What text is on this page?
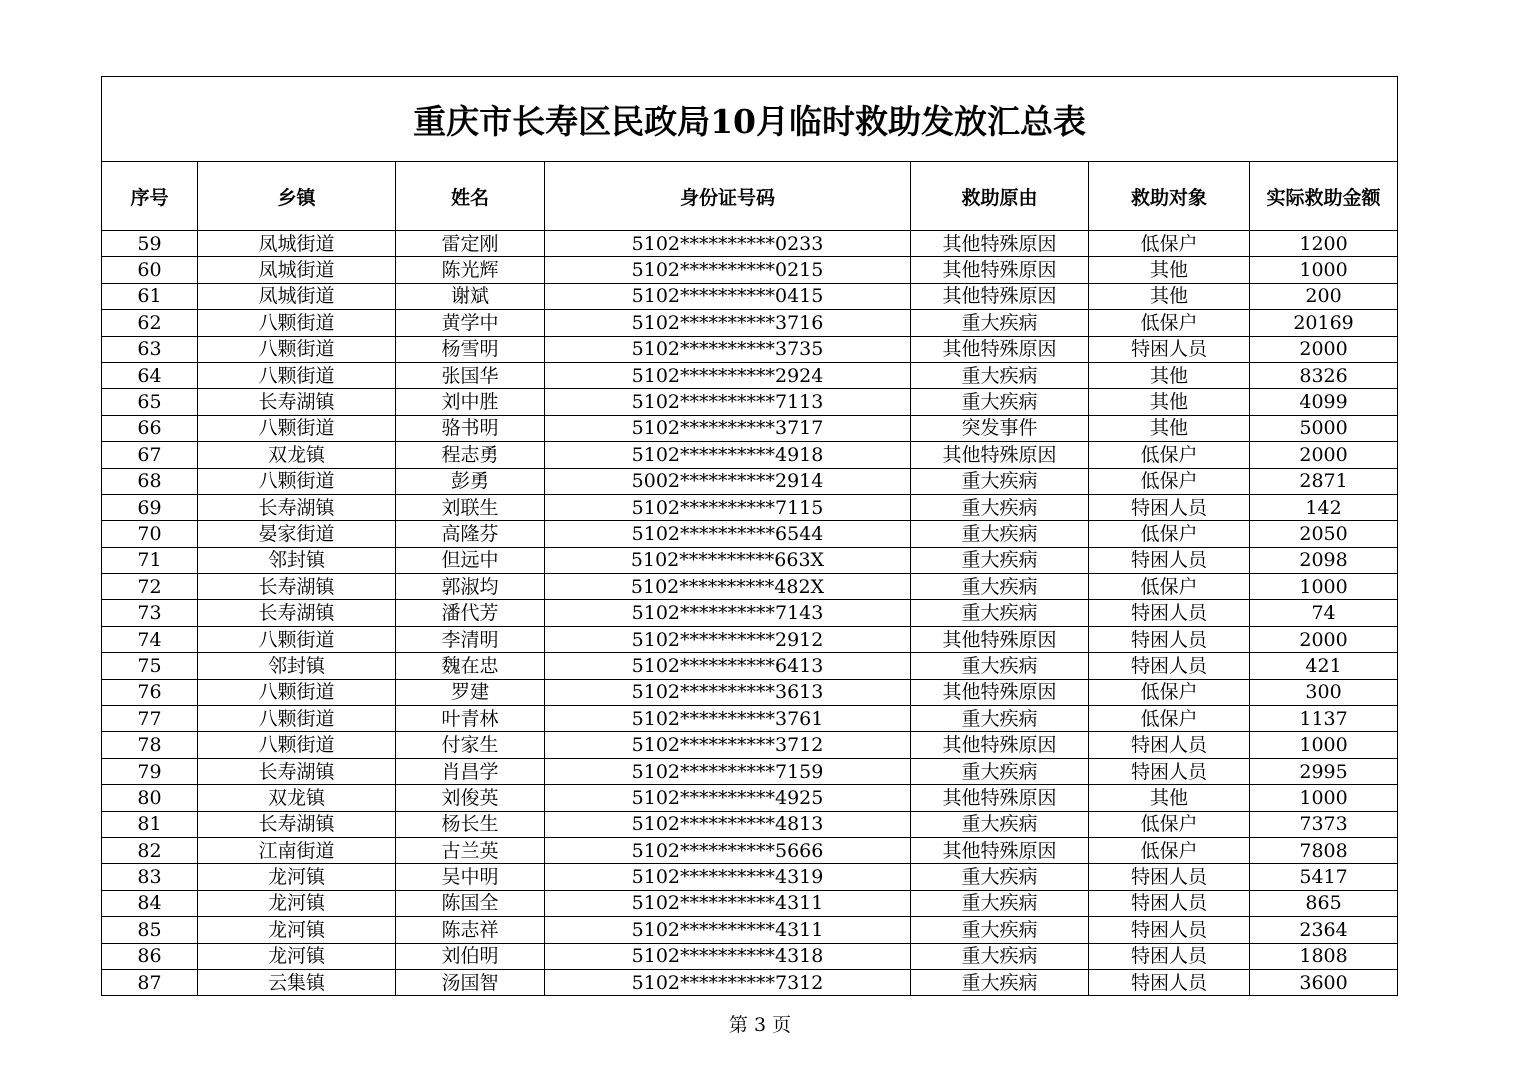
重庆市长寿区民政局10月临时救助发放汇总表						
序号	乡镇	姓名	身份证号码	救助原由	救助对象	实际救助金额
59	凤城街道	雷定刚	5102**********0233	其他特殊原因	低保户	1200
60	凤城街道	陈光辉	5102**********0215	其他特殊原因	其他	1000
61	凤城街道	谢斌	5102**********0415	其他特殊原因	其他	200
62	八颗街道	黄学中	5102**********3716	重大疾病	低保户	20169
63	八颗街道	杨雪明	5102**********3735	其他特殊原因	特困人员	2000
64	八颗街道	张国华	5102**********2924	重大疾病	其他	8326
65	长寿湖镇	刘中胜	5102**********7113	重大疾病	其他	4099
66	八颗街道	骆书明	5102**********3717	突发事件	其他	5000
67	双龙镇	程志勇	5102**********4918	其他特殊原因	低保户	2000
68	八颗街道	彭勇	5002**********2914	重大疾病	低保户	2871
69	长寿湖镇	刘联生	5102**********7115	重大疾病	特困人员	142
70	晏家街道	高隆芬	5102**********6544	重大疾病	低保户	2050
71	邻封镇	但远中	5102**********663X	重大疾病	特困人员	2098
72	长寿湖镇	郭淑均	5102**********482X	重大疾病	低保户	1000
73	长寿湖镇	潘代芳	5102**********7143	重大疾病	特困人员	74
74	八颗街道	李清明	5102**********2912	其他特殊原因	特困人员	2000
75	邻封镇	魏在忠	5102**********6413	重大疾病	特困人员	421
76	八颗街道	罗建	5102**********3613	其他特殊原因	低保户	300
77	八颗街道	叶青林	5102**********3761	重大疾病	低保户	1137
78	八颗街道	付家生	5102**********3712	其他特殊原因	特困人员	1000
79	长寿湖镇	肖昌学	5102**********7159	重大疾病	特困人员	2995
80	双龙镇	刘俊英	5102**********4925	其他特殊原因	其他	1000
81	长寿湖镇	杨长生	5102**********4813	重大疾病	低保户	7373
82	江南街道	古兰英	5102**********5666	其他特殊原因	低保户	7808
83	龙河镇	吴中明	5102**********4319	重大疾病	特困人员	5417
84	龙河镇	陈国全	5102**********4311	重大疾病	特困人员	865
85	龙河镇	陈志祥	5102**********4311	重大疾病	特困人员	2364
86	龙河镇	刘伯明	5102**********4318	重大疾病	特困人员	1808
87	云集镇	汤国智	5102**********7312	重大疾病	特困人员	3600
第 3 页
